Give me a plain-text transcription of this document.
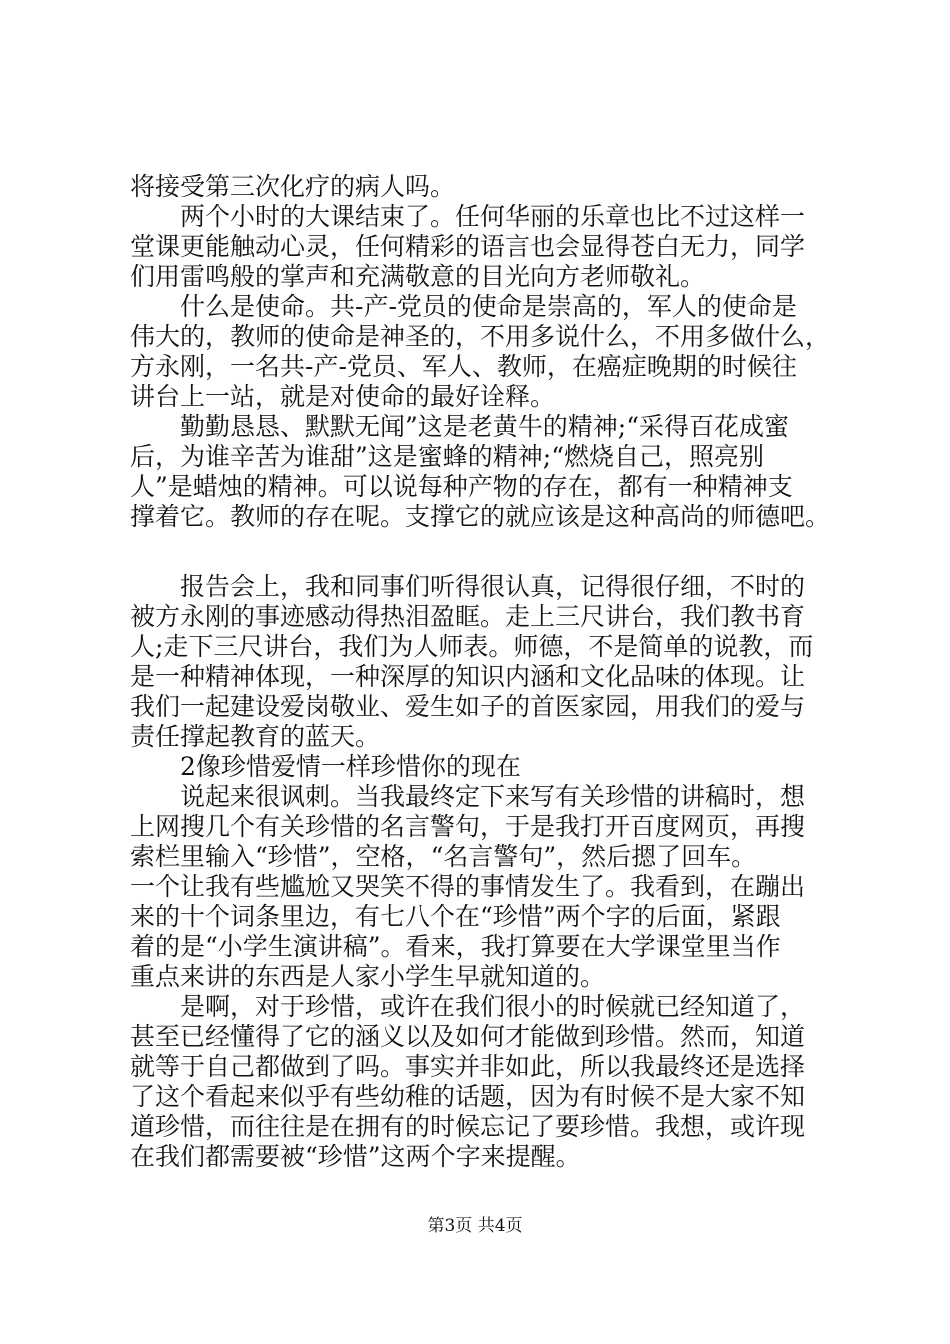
将接受第三次化疗的病人吗。
　　两个小时的大课结束了。任何华丽的乐章也比不过这样一
堂课更能触动心灵，任何精彩的语言也会显得苍白无力，同学
们用雷鸣般的掌声和充满敬意的目光向方老师敬礼。
　　什么是使命。共-产-党员的使命是崇高的，军人的使命是
伟大的，教师的使命是神圣的，不用多说什么，不用多做什么，
方永刚，一名共-产-党员、军人、教师，在癌症晚期的时候往
讲台上一站，就是对使命的最好诠释。
　　勤勤恳恳、默默无闻”这是老黄牛的精神;“采得百花成蜜
后，为谁辛苦为谁甜”这是蜜蜂的精神;“燃烧自己，照亮别
人”是蜡烛的精神。可以说每种产物的存在，都有一种精神支
撑着它。教师的存在呢。支撑它的就应该是这种高尚的师德吧。
　　报告会上，我和同事们听得很认真，记得很仔细，不时的
被方永刚的事迹感动得热泪盈眶。走上三尺讲台，我们教书育
人;走下三尺讲台，我们为人师表。师德，不是简单的说教，而
是一种精神体现，一种深厚的知识内涵和文化品味的体现。让
我们一起建设爱岗敬业、爱生如子的首医家园，用我们的爱与
责任撑起教育的蓝天。
　　2像珍惜爱情一样珍惜你的现在
　　说起来很讽刺。当我最终定下来写有关珍惜的讲稿时，想
上网搜几个有关珍惜的名言警句，于是我打开百度网页，再搜
索栏里输入“珍惜”，空格，“名言警句”，然后摁了回车。
一个让我有些尴尬又哭笑不得的事情发生了。我看到，在蹦出
来的十个词条里边，有七八个在“珍惜”两个字的后面，紧跟
着的是“小学生演讲稿”。看来，我打算要在大学课堂里当作
重点来讲的东西是人家小学生早就知道的。
　　是啊，对于珍惜，或许在我们很小的时候就已经知道了，
甚至已经懂得了它的涵义以及如何才能做到珍惜。然而，知道
就等于自己都做到了吗。事实并非如此，所以我最终还是选择
了这个看起来似乎有些幼稚的话题，因为有时候不是大家不知
道珍惜，而往往是在拥有的时候忘记了要珍惜。我想，或许现
在我们都需要被“珍惜”这两个字来提醒。
第3页 共4页
